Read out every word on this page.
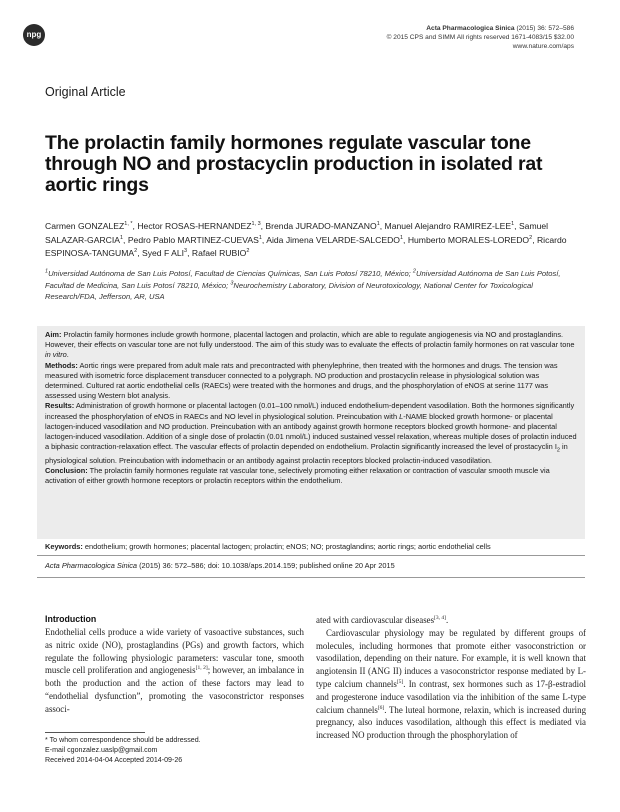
npg
Acta Pharmacologica Sinica (2015) 36: 572–586
© 2015 CPS and SIMM All rights reserved 1671-4083/15 $32.00
www.nature.com/aps
Original Article
The prolactin family hormones regulate vascular tone through NO and prostacyclin production in isolated rat aortic rings
Carmen $GONZALEZ^{1, *}$, Hector ROSAS-HERNANDEZ$^{1, 3}$, Brenda JURADO-MANZANO$^1$, Manuel Alejandro RAMIREZ-LEE$^1$, Samuel SALAZAR-GARCIA$^1$, Pedro Pablo MARTINEZ-CUEVAS$^1$, Aida Jimena VELARDE-SALCEDO$^1$, Humberto MORALES-LOREDO$^2$, Ricardo ESPINOSA-TANGUMA$^2$, Syed F ALI$^3$, Rafael RUBIO$^2$
$^1$Universidad Autónoma de San Luis Potosí, Facultad de Ciencias Químicas, San Luis Potosí 78210, México; $^2$Universidad Autónoma de San Luis Potosí, Facultad de Medicina, San Luis Potosí 78210, México; $^3$Neurochemistry Laboratory, Division of Neurotoxicology, National Center for Toxicological Research/FDA, Jefferson, AR, USA

Aim: Prolactin family hormones include growth hormone, placental lactogen and prolactin, which are able to regulate angiogenesis via NO and prostaglandins. However, their effects on vascular tone are not fully understood. The aim of this study was to evaluate the effects of prolactin family hormones on rat vascular tone in vitro.

Methods: Aortic rings were prepared from adult male rats and precontracted with phenylephrine, then treated with the hormones and drugs. The tension was measured with isometric force displacement transducer connected to a polygraph. NO production and prostacyclin release in physiological solution was determined. Cultured rat aortic endothelial cells (RAECs) were treated with the hormones and drugs, and the phosphorylation of eNOS at serine 1177 was assessed using Western blot analysis.

Results: Administration of growth hormone or placental lactogen (0.01–100 nmol/L) induced endothelium-dependent vasodilation. Both the hormones significantly increased the phosphorylation of eNOS in RAECs and NO level in physiological solution. Preincubation with L-NAME blocked growth hormone- or placental lactogen-induced vasodilation and NO production. Preincubation with an antibody against growth hormone receptors blocked growth hormone- and placental lactogen-induced vasodilation. Addition of a single dose of prolactin (0.01 nmol/L) induced sustained vessel relaxation, whereas multiple doses of prolactin induced a biphasic contraction-relaxation effect. The vascular effects of prolactin depended on endothelium. Prolactin significantly increased the level of prostacyclin $I_2$ in physiological solution. Preincubation with indomethacin or an antibody against prolactin receptors blocked prolactin-induced vasodilation.

Conclusion: The prolactin family hormones regulate rat vascular tone, selectively promoting either relaxation or contraction of vascular smooth muscle via activation of either growth hormone receptors or prolactin receptors within the endothelium.

Keywords: endothelium; growth hormones; placental lactogen; prolactin; eNOS; NO; prostaglandins; aortic rings; aortic endothelial cells
Acta Pharmacologica Sinica (2015) 36: 572–586; doi: 10.1038/aps.2014.159; published online 20 Apr 2015
Introduction

Endothelial cells produce a wide variety of vasoactive substances, such as nitric oxide (NO), prostaglandins (PGs) and growth factors, which regulate the following physiologic parameters: vascular tone, smooth muscle cell proliferation and angiogenesis[1, 2]; however, an imbalance in both the production and the action of these factors may lead to “endothelial dysfunction”, promoting the vasoconstrictor responses associ-

ated with cardiovascular diseases[3, 4].

Cardiovascular physiology may be regulated by different groups of molecules, including hormones that promote either vasoconstriction or vasodilation, depending on their nature. For example, it is well known that angiotensin II (ANG II) induces a vasoconstrictor response mediated by L-type calcium channels[5]. In contrast, sex hormones such as 17-β-estradiol and progesterone induce vasodilation via the inhibition of the same L-type calcium channels[6]. The luteal hormone, relaxin, which is increased during pregnancy, also induces vasodilation, although this effect is mediated via increased NO production through the phosphorylation of

* To whom correspondence should be addressed.
E-mail cgonzalez.uaslp@gmail.com
Received 2014-04-04 Accepted 2014-09-26
